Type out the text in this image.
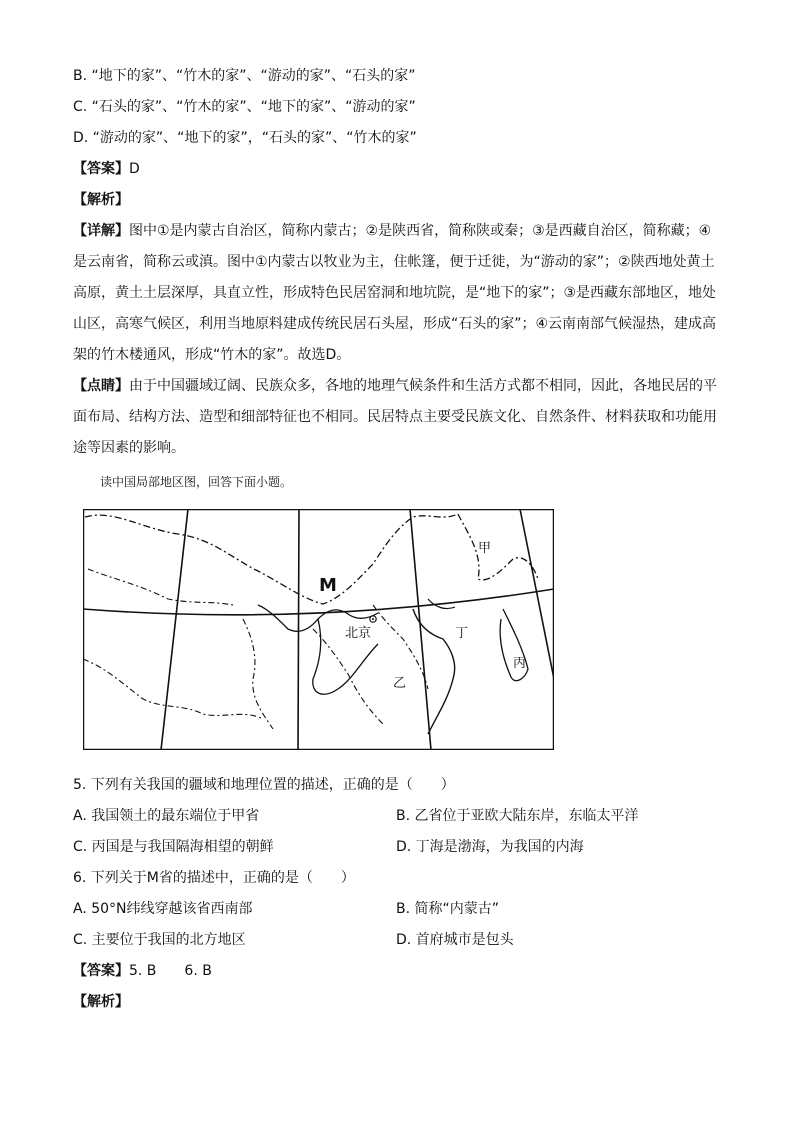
B. “地下的家”、“竹木的家”、“游动的家”、“石头的家”
C. “石头的家”、“竹木的家”、“地下的家”、“游动的家”
D. “游动的家”、“地下的家”，“石头的家”、“竹木的家”
【答案】D
【解析】
【详解】图中①是内蒙古自治区，简称内蒙古；②是陕西省，简称陕或秦；③是西藏自治区，简称藏；④是云南省，简称云或滇。图中①内蒙古以牧业为主，住帐篷，便于迁徙，为“游动的家”；②陕西地处黄土高原，黄土土层深厚，具直立性，形成特色民居窑洞和地坑院，是“地下的家”；③是西藏东部地区，地处山区，高寒气候区，利用当地原料建成传统民居石头屋，形成“石头的家”；④云南南部气候湿热，建成高架的竹木楼通风，形成“竹木的家”。故选D。
【点睛】由于中国疆域辽阔、民族众多，各地的地理气候条件和生活方式都不相同，因此，各地民居的平面布局、结构方法、造型和细部特征也不相同。民居特点主要受民族文化、自然条件、材料获取和功能用途等因素的影响。
读中国局部地区图，回答下面小题。
M
北京
甲
乙
丙
丁
5. 下列有关我国的疆域和地理位置的描述，正确的是（　　）
A. 我国领土的最东端位于甲省	B. 乙省位于亚欧大陆东岸，东临太平洋
C. 丙国是与我国隔海相望的朝鲜	D. 丁海是渤海，为我国的内海
6. 下列关于M省的描述中，正确的是（　　）
A. 50°N纬线穿越该省西南部	B. 简称“内蒙古”
C. 主要位于我国的北方地区	D. 首府城市是包头
【答案】5. B　　6. B
【解析】
